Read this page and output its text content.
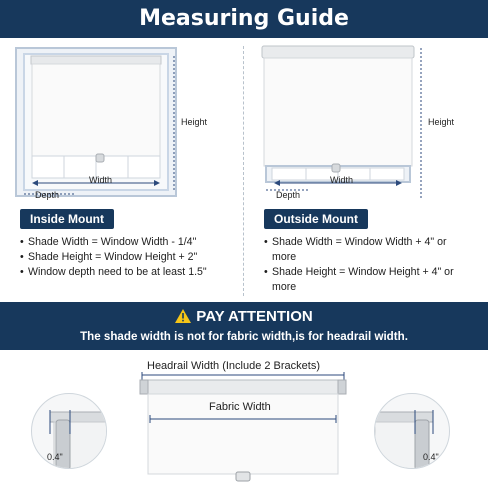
Measuring Guide
Height
Width
Depth
Height
Width
Depth
Inside Mount	Outside Mount
• Shade Width = Window Width - 1/4"
• Shade Height = Window Height + 2"
• Window depth need to be at least 1.5"
• Shade Width = Window Width + 4" or more
• Shade Height = Window Height + 4" or more
PAY ATTENTION
The shade width is not for fabric width,is for headrail width.
Headrail Width (Include 2 Brackets)
Fabric Width
0.4"	0.4"
